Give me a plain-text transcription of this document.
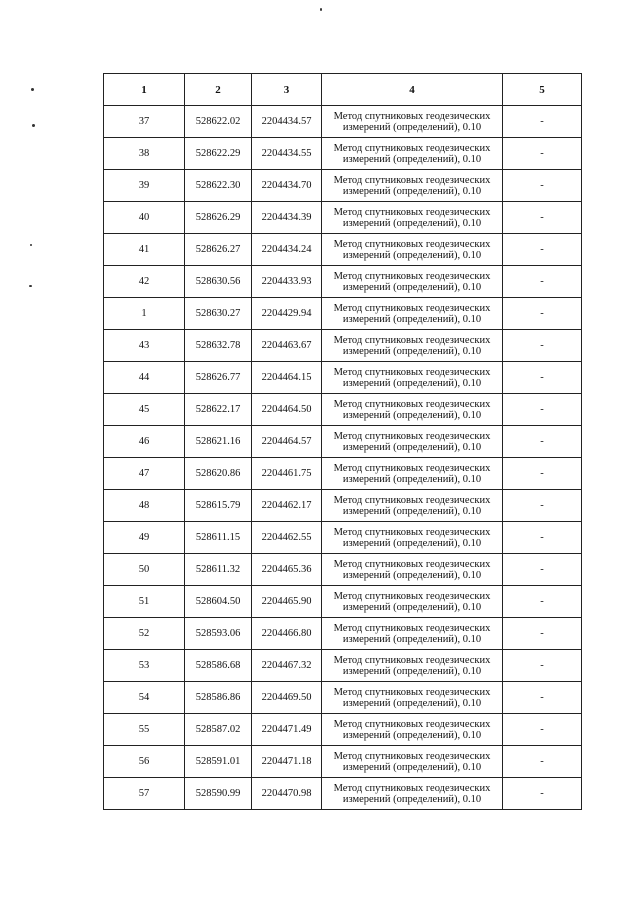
1	2	3	4	5
37	528622.02	2204434.57	Метод спутниковых геодезических измерений (определений), 0.10	-
38	528622.29	2204434.55	Метод спутниковых геодезических измерений (определений), 0.10	-
39	528622.30	2204434.70	Метод спутниковых геодезических измерений (определений), 0.10	-
40	528626.29	2204434.39	Метод спутниковых геодезических измерений (определений), 0.10	-
41	528626.27	2204434.24	Метод спутниковых геодезических измерений (определений), 0.10	-
42	528630.56	2204433.93	Метод спутниковых геодезических измерений (определений), 0.10	-
1	528630.27	2204429.94	Метод спутниковых геодезических измерений (определений), 0.10	-
43	528632.78	2204463.67	Метод спутниковых геодезических измерений (определений), 0.10	-
44	528626.77	2204464.15	Метод спутниковых геодезических измерений (определений), 0.10	-
45	528622.17	2204464.50	Метод спутниковых геодезических измерений (определений), 0.10	-
46	528621.16	2204464.57	Метод спутниковых геодезических измерений (определений), 0.10	-
47	528620.86	2204461.75	Метод спутниковых геодезических измерений (определений), 0.10	-
48	528615.79	2204462.17	Метод спутниковых геодезических измерений (определений), 0.10	-
49	528611.15	2204462.55	Метод спутниковых геодезических измерений (определений), 0.10	-
50	528611.32	2204465.36	Метод спутниковых геодезических измерений (определений), 0.10	-
51	528604.50	2204465.90	Метод спутниковых геодезических измерений (определений), 0.10	-
52	528593.06	2204466.80	Метод спутниковых геодезических измерений (определений), 0.10	-
53	528586.68	2204467.32	Метод спутниковых геодезических измерений (определений), 0.10	-
54	528586.86	2204469.50	Метод спутниковых геодезических измерений (определений), 0.10	-
55	528587.02	2204471.49	Метод спутниковых геодезических измерений (определений), 0.10	-
56	528591.01	2204471.18	Метод спутниковых геодезических измерений (определений), 0.10	-
57	528590.99	2204470.98	Метод спутниковых геодезических измерений (определений), 0.10	-
